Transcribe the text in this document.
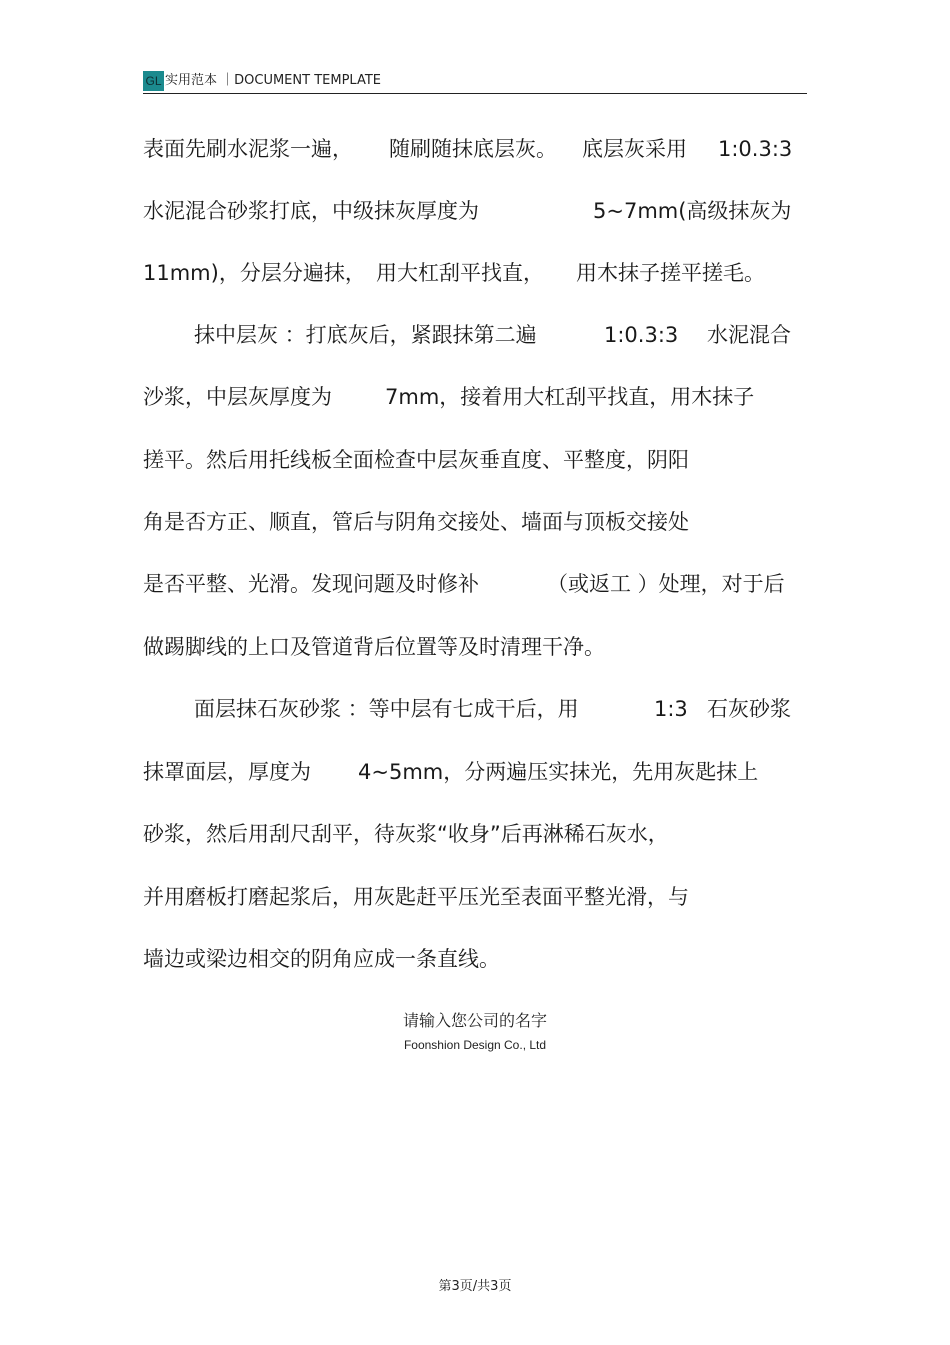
GL 实用范本 ｜DOCUMENT TEMPLATE
表面先刷水泥浆一遍， 随刷随抹底层灰。 底层灰采用 1:0.3:3
水泥混合砂浆打底，中级抹灰厚度为	5~7mm(高级抹灰为
11mm)，分层分遍抹， 用大杠刮平找直， 用木抹子搓平搓毛。
抹中层灰 ：打底灰后，紧跟抹第二遍	1:0.3:3 水泥混合
沙浆，中层灰厚度为	7mm，接着用大杠刮平找直，用木抹子
搓平。然后用托线板全面检查中层灰垂直度、平整度，阴阳
角是否方正、顺直，管后与阴角交接处、墙面与顶板交接处
是否平整、光滑。发现问题及时修补	（或返工 ）处理，对于后
做踢脚线的上口及管道背后位置等及时清理干净。
面层抹石灰砂浆 ：等中层有七成干后，用	1:3 石灰砂浆
抹罩面层，厚度为 4~5mm，分两遍压实抹光，先用灰匙抹上
砂浆，然后用刮尺刮平，待灰浆“收身”后再淋稀石灰水，
并用磨板打磨起浆后，用灰匙赶平压光至表面平整光滑，与
墙边或梁边相交的阴角应成一条直线。
请输入您公司的名字
Foonshion Design Co., Ltd
第3页/共3页
